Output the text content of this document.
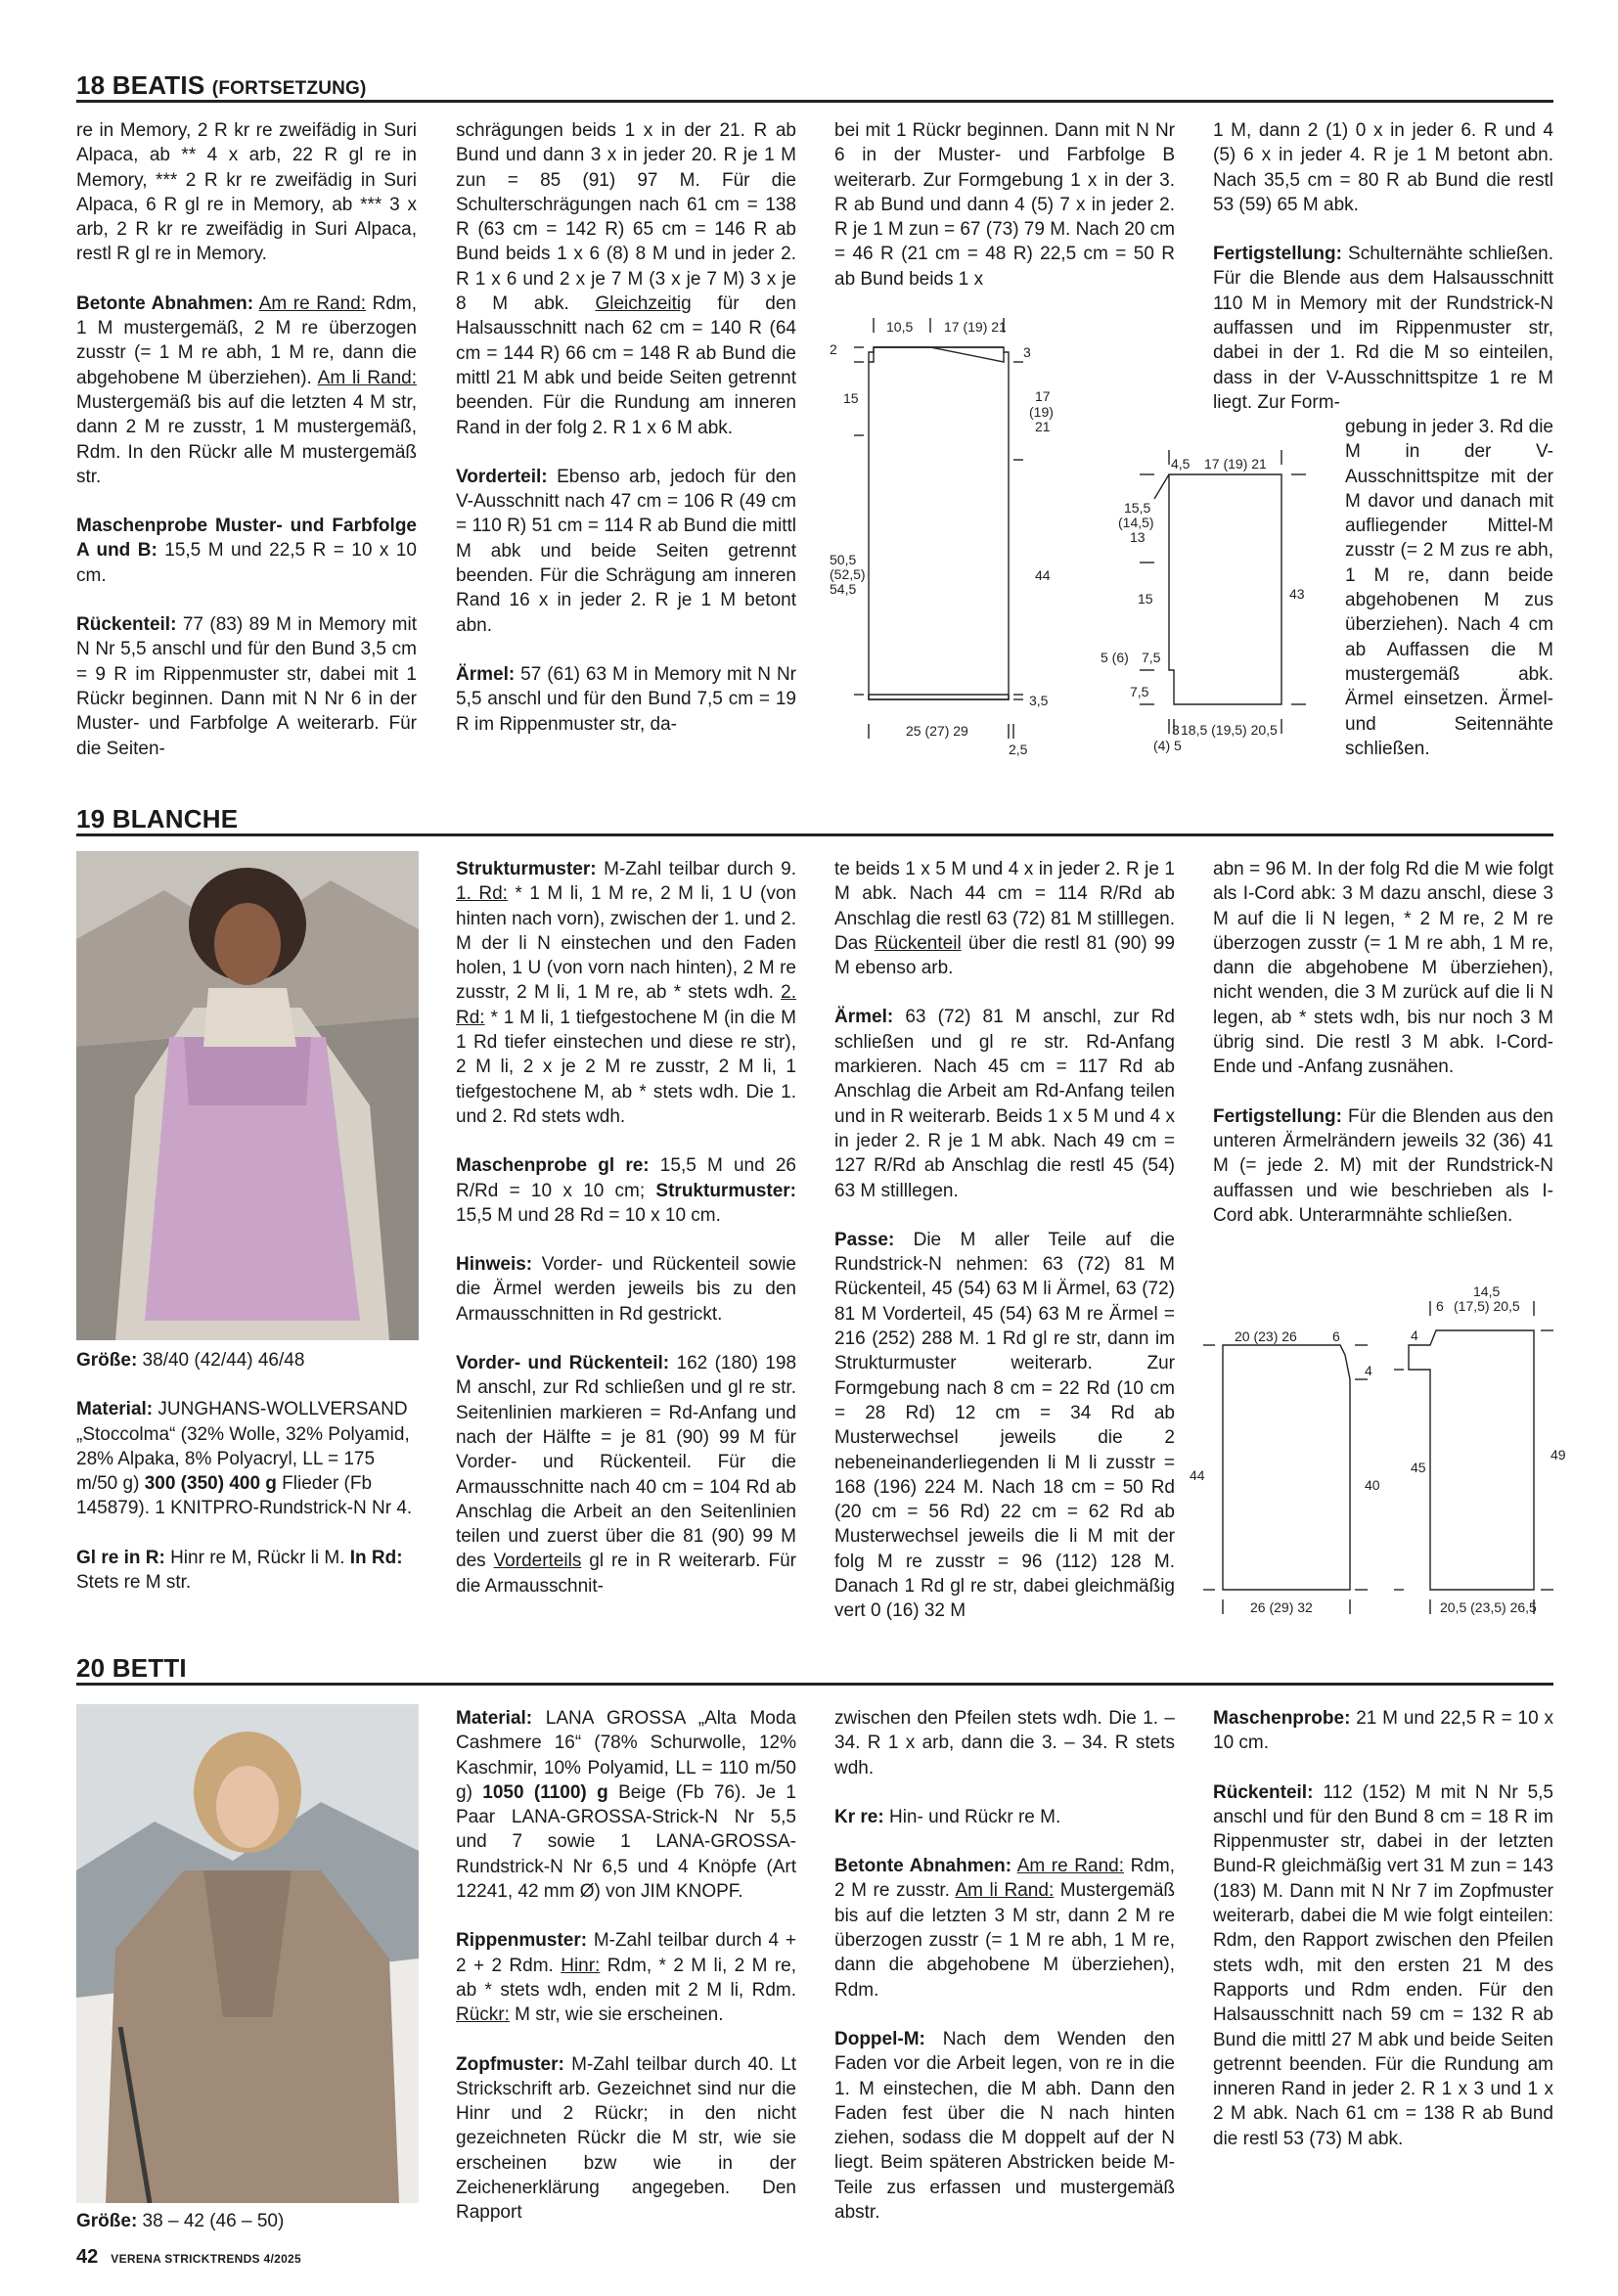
18 BEATIS (FORTSETZUNG)

re in Memory, 2 R kr re zweifädig in Suri Alpaca, ab ** 4 x arb, 22 R gl re in Memory, *** 2 R kr re zweifädig in Suri Alpaca, 6 R gl re in Memory, ab *** 3 x arb, 2 R kr re zweifädig in Suri Alpaca, restl R gl re in Memory.

Betonte Abnahmen: Am re Rand: Rdm, 1 M mustergemäß, 2 M re überzogen zusstr (= 1 M re abh, 1 M re, dann die abgehobene M überziehen). Am li Rand: Mustergemäß bis auf die letzten 4 M str, dann 2 M re zusstr, 1 M mustergemäß, Rdm. In den Rückr alle M mustergemäß str.

Maschenprobe Muster- und Farbfolge A und B: 15,5 M und 22,5 R = 10 x 10 cm.

Rückenteil: 77 (83) 89 M in Memory mit N Nr 5,5 anschl und für den Bund 3,5 cm = 9 R im Rippenmuster str, dabei mit 1 Rückr beginnen. Dann mit N Nr 6 in der Muster- und Farbfolge A weiterarb. Für die Seiten-

schrägungen beids 1 x in der 21. R ab Bund und dann 3 x in jeder 20. R je 1 M zun = 85 (91) 97 M. Für die Schulterschrägungen nach 61 cm = 138 R (63 cm = 142 R) 65 cm = 146 R ab Bund beids 1 x 6 (8) 8 M und in jeder 2. R 1 x 6 und 2 x je 7 M (3 x je 7 M) 3 x je 8 M abk. Gleichzeitig für den Halsausschnitt nach 62 cm = 140 R (64 cm = 144 R) 66 cm = 148 R ab Bund die mittl 21 M abk und beide Seiten getrennt beenden. Für die Rundung am inneren Rand in der folg 2. R 1 x 6 M abk.

Vorderteil: Ebenso arb, jedoch für den V-Ausschnitt nach 47 cm = 106 R (49 cm = 110 R) 51 cm = 114 R ab Bund die mittl M abk und beide Seiten getrennt beenden. Für die Schrägung am inneren Rand 16 x in jeder 2. R je 1 M betont abn.

Ärmel: 57 (61) 63 M in Memory mit N Nr 5,5 anschl und für den Bund 7,5 cm = 19 R im Rippenmuster str, da-

bei mit 1 Rückr beginnen. Dann mit N Nr 6 in der Muster- und Farbfolge B weiterarb. Zur Formgebung 1 x in der 3. R ab Bund und dann 4 (5) 7 x in jeder 2. R je 1 M zun = 67 (73) 79 M. Nach 20 cm = 46 R (21 cm = 48 R) 22,5 cm = 50 R ab Bund beids 1 x

1 M, dann 2 (1) 0 x in jeder 6. R und 4 (5) 6 x in jeder 4. R je 1 M betont abn. Nach 35,5 cm = 80 R ab Bund die restl 53 (59) 65 M abk.

Fertigstellung: Schulternähte schließen. Für die Blende aus dem Halsausschnitt 110 M in Memory mit der Rundstrick-N auffassen und im Rippenmuster str, dabei in der 1. Rd die M so einteilen, dass in der V-Ausschnittspitze 1 re M liegt. Zur Form-

gebung in jeder 3. Rd die M in der V-Ausschnittspitze mit der M davor und danach mit aufliegender Mittel-M zusstr (= 2 M zus re abh, 1 M re, dann beide abgehobenen M zus überziehen). Nach 4 cm ab Auffassen die M mustergemäß abk. Ärmel einsetzen. Ärmel- und Seitennähte schließen.
10,5 17 (19) 21
2	3
15	17
(19)
21
50,5
(52,5)
54,5
44
3,5
25 (27) 29
2,5
4,5 17 (19) 21
15,5
(14,5)
13
15	43
5 (6) 7,5
7,5
3
(4) 5
18,5 (19,5) 20,5
19 BLANCHE

Größe: 38/40 (42/44) 46/48

Material: JUNGHANS-WOLLVERSAND „Stoccolma“ (32% Wolle, 32% Polyamid, 28% Alpaka, 8% Polyacryl, LL = 175 m/50 g) 300 (350) 400 g Flieder (Fb 145879). 1 KNITPRO-Rundstrick-N Nr 4.

Gl re in R: Hinr re M, Rückr li M. In Rd: Stets re M str.

Strukturmuster: M-Zahl teilbar durch 9. 1. Rd: * 1 M li, 1 M re, 2 M li, 1 U (von hinten nach vorn), zwischen der 1. und 2. M der li N einstechen und den Faden holen, 1 U (von vorn nach hinten), 2 M re zusstr, 2 M li, 1 M re, ab * stets wdh. 2. Rd: * 1 M li, 1 tiefgestochene M (in die M 1 Rd tiefer einstechen und diese re str), 2 M li, 2 x je 2 M re zusstr, 2 M li, 1 tiefgestochene M, ab * stets wdh. Die 1. und 2. Rd stets wdh.

Maschenprobe gl re: 15,5 M und 26 R/Rd = 10 x 10 cm; Strukturmuster: 15,5 M und 28 Rd = 10 x 10 cm.

Hinweis: Vorder- und Rückenteil sowie die Ärmel werden jeweils bis zu den Armausschnitten in Rd gestrickt.

Vorder- und Rückenteil: 162 (180) 198 M anschl, zur Rd schließen und gl re str. Seitenlinien markieren = Rd-Anfang und nach der Hälfte = je 81 (90) 99 M für Vorder- und Rückenteil. Für die Armausschnitte nach 40 cm = 104 Rd ab Anschlag die Arbeit an den Seitenlinien teilen und zuerst über die 81 (90) 99 M des Vorderteils gl re in R weiterarb. Für die Armausschnit-

te beids 1 x 5 M und 4 x in jeder 2. R je 1 M abk. Nach 44 cm = 114 R/Rd ab Anschlag die restl 63 (72) 81 M stilllegen. Das Rückenteil über die restl 81 (90) 99 M ebenso arb.

Ärmel: 63 (72) 81 M anschl, zur Rd schließen und gl re str. Rd-Anfang markieren. Nach 45 cm = 117 Rd ab Anschlag die Arbeit am Rd-Anfang teilen und in R weiterarb. Beids 1 x 5 M und 4 x in jeder 2. R je 1 M abk. Nach 49 cm = 127 R/Rd ab Anschlag die restl 45 (54) 63 M stilllegen.

Passe: Die M aller Teile auf die Rundstrick-N nehmen: 63 (72) 81 M Rückenteil, 45 (54) 63 M li Ärmel, 63 (72) 81 M Vorderteil, 45 (54) 63 M re Ärmel = 216 (252) 288 M. 1 Rd gl re str, dann im Strukturmuster weiterarb. Zur Formgebung nach 8 cm = 22 Rd (10 cm = 28 Rd) 12 cm = 34 Rd ab Musterwechsel jeweils die 2 nebeneinanderliegenden li M li zusstr = 168 (196) 224 M. Nach 18 cm = 50 Rd (20 cm = 56 Rd) 22 cm = 62 Rd ab Musterwechsel jeweils die li M mit der folg M re zusstr = 96 (112) 128 M. Danach 1 Rd gl re str, dabei gleichmäßig vert 0 (16) 32 M

abn = 96 M. In der folg Rd die M wie folgt als I-Cord abk: 3 M dazu anschl, diese 3 M auf die li N legen, * 2 M re, 2 M re überzogen zusstr (= 1 M re abh, 1 M re, dann die abgehobene M überziehen), nicht wenden, die 3 M zurück auf die li N legen, ab * stets wdh, bis nur noch 3 M übrig sind. Die restl 3 M abk. I-Cord-Ende und -Anfang zusnähen.

Fertigstellung: Für die Blenden aus den unteren Ärmelrändern jeweils 32 (36) 41 M (= jede 2. M) mit der Rundstrick-N auffassen und wie beschrieben als I-Cord abk. Unterarmnähte schließen.

20 (23) 26	6
4
44
40
26 (29) 32
14,5
6 (17,5) 20,5
4
45
49
20,5 (23,5) 26,5
20 BETTI

Größe: 38 – 42 (46 – 50)

Material: LANA GROSSA „Alta Moda Cashmere 16“ (78% Schurwolle, 12% Kaschmir, 10% Polyamid, LL = 110 m/50 g) 1050 (1100) g Beige (Fb 76). Je 1 Paar LANA-GROSSA-Strick-N Nr 5,5 und 7 sowie 1 LANA-GROSSA-Rundstrick-N Nr 6,5 und 4 Knöpfe (Art 12241, 42 mm Ø) von JIM KNOPF.

Rippenmuster: M-Zahl teilbar durch 4 + 2 + 2 Rdm. Hinr: Rdm, * 2 M li, 2 M re, ab * stets wdh, enden mit 2 M li, Rdm. Rückr: M str, wie sie erscheinen.

Zopfmuster: M-Zahl teilbar durch 40. Lt Strickschrift arb. Gezeichnet sind nur die Hinr und 2 Rückr; in den nicht gezeichneten Rückr die M str, wie sie erscheinen bzw wie in der Zeichenerklärung angegeben. Den Rapport

zwischen den Pfeilen stets wdh. Die 1. – 34. R 1 x arb, dann die 3. – 34. R stets wdh.

Kr re: Hin- und Rückr re M.

Betonte Abnahmen: Am re Rand: Rdm, 2 M re zusstr. Am li Rand: Mustergemäß bis auf die letzten 3 M str, dann 2 M re überzogen zusstr (= 1 M re abh, 1 M re, dann die abgehobene M überziehen), Rdm.

Doppel-M: Nach dem Wenden den Faden vor die Arbeit legen, von re in die 1. M einstechen, die M abh. Dann den Faden fest über die N nach hinten ziehen, sodass die M doppelt auf der N liegt. Beim späteren Abstricken beide M-Teile zus erfassen und mustergemäß abstr.

Maschenprobe: 21 M und 22,5 R = 10 x 10 cm.

Rückenteil: 112 (152) M mit N Nr 5,5 anschl und für den Bund 8 cm = 18 R im Rippenmuster str, dabei in der letzten Bund-R gleichmäßig vert 31 M zun = 143 (183) M. Dann mit N Nr 7 im Zopfmuster weiterarb, dabei die M wie folgt einteilen: Rdm, den Rapport zwischen den Pfeilen stets wdh, mit den ersten 21 M des Rapports und Rdm enden. Für den Halsausschnitt nach 59 cm = 132 R ab Bund die mittl 27 M abk und beide Seiten getrennt beenden. Für die Rundung am inneren Rand in jeder 2. R 1 x 3 und 1 x 2 M abk. Nach 61 cm = 138 R ab Bund die restl 53 (73) M abk.

42 VERENA STRICKTRENDS 4/2025
